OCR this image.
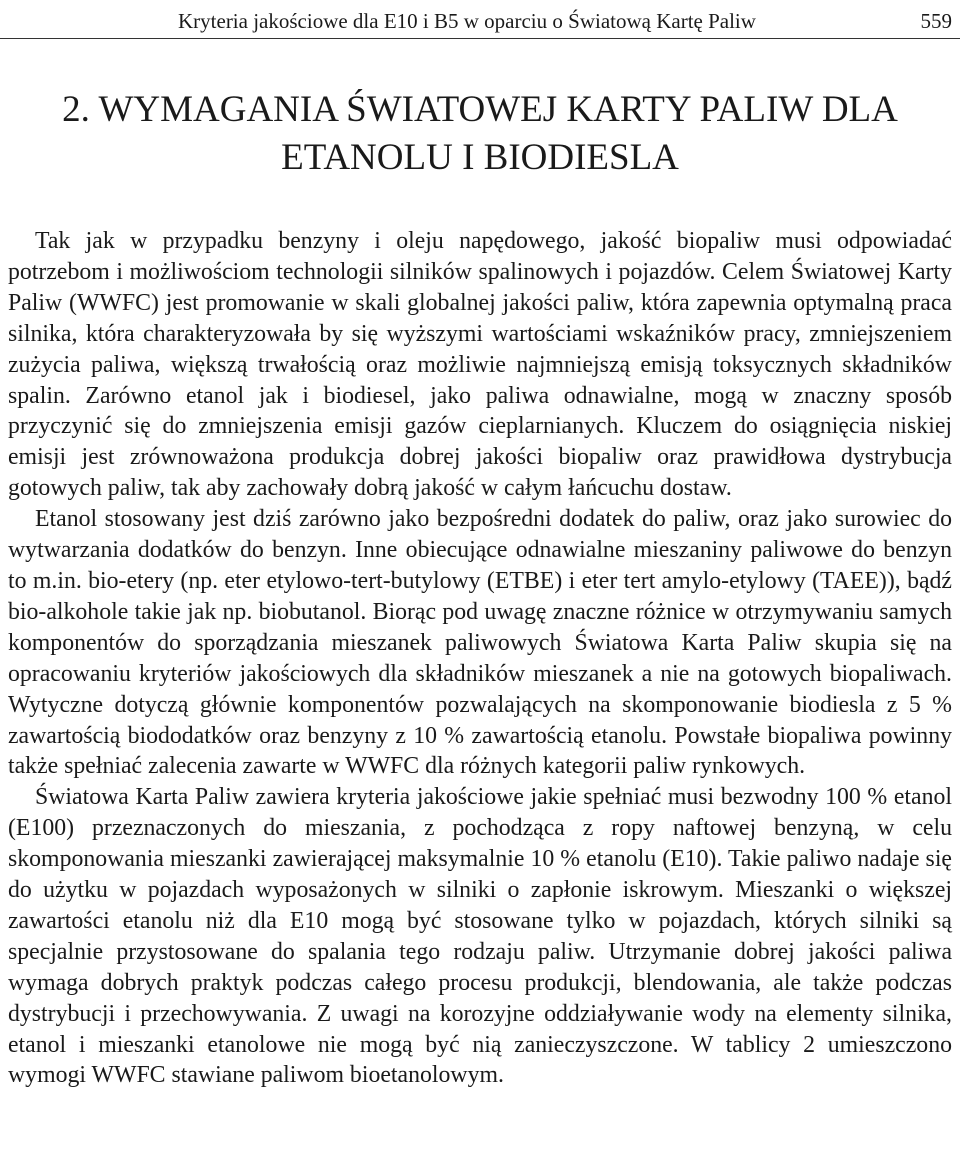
Kryteria jakościowe dla E10 i B5 w oparciu o Światową Kartę Paliw	559
2. WYMAGANIA ŚWIATOWEJ KARTY PALIW DLA ETANOLU I BIODIESLA

Tak jak w przypadku benzyny i oleju napędowego, jakość biopaliw musi odpowiadać potrzebom i możliwościom technologii silników spalinowych i pojazdów. Celem Światowej Karty Paliw (WWFC) jest promowanie w skali globalnej jakości paliw, która zapewnia optymalną praca silnika, która charakteryzowała by się wyższymi wartościami wskaźników pracy, zmniejszeniem zużycia paliwa, większą trwałością oraz możliwie najmniejszą emisją toksycznych składników spalin. Zarówno etanol jak i biodiesel, jako paliwa odnawialne, mogą w znaczny sposób przyczynić się do zmniejszenia emisji gazów cieplarnianych. Kluczem do osiągnięcia niskiej emisji jest zrównoważona produkcja dobrej jakości biopaliw oraz prawidłowa dystrybucja gotowych paliw, tak aby zachowały dobrą jakość w całym łańcuchu dostaw.

Etanol stosowany jest dziś zarówno jako bezpośredni dodatek do paliw, oraz jako surowiec do wytwarzania dodatków do benzyn. Inne obiecujące odnawialne mieszaniny paliwowe do benzyn to m.in. bio-etery (np. eter etylowo-tert-butylowy (ETBE) i eter tert amylo-etylowy (TAEE)), bądź bio-alkohole takie jak np. biobutanol. Biorąc pod uwagę znaczne różnice w otrzymywaniu samych komponentów do sporządzania mieszanek paliwowych Światowa Karta Paliw skupia się na opracowaniu kryteriów jakościowych dla składników mieszanek a nie na gotowych biopaliwach. Wytyczne dotyczą głównie komponentów pozwalających na skomponowanie biodiesla z 5 % zawartością biododatków oraz benzyny z 10 % zawartością etanolu. Powstałe biopaliwa powinny także spełniać zalecenia zawarte w WWFC dla różnych kategorii paliw rynkowych.

Światowa Karta Paliw zawiera kryteria jakościowe jakie spełniać musi bezwodny 100 % etanol (E100) przeznaczonych do mieszania, z pochodząca z ropy naftowej benzyną, w celu skomponowania mieszanki zawierającej maksymalnie 10 % etanolu (E10). Takie paliwo nadaje się do użytku w pojazdach wyposażonych w silniki o zapłonie iskrowym. Mieszanki o większej zawartości etanolu niż dla E10 mogą być stosowane tylko w pojazdach, których silniki są specjalnie przystosowane do spalania tego rodzaju paliw. Utrzymanie dobrej jakości paliwa wymaga dobrych praktyk podczas całego procesu produkcji, blendowania, ale także podczas dystrybucji i przechowywania. Z uwagi na korozyjne oddziaływanie wody na elementy silnika, etanol i mieszanki etanolowe nie mogą być nią zanieczyszczone. W tablicy 2 umieszczono wymogi WWFC stawiane paliwom bioetanolowym.
